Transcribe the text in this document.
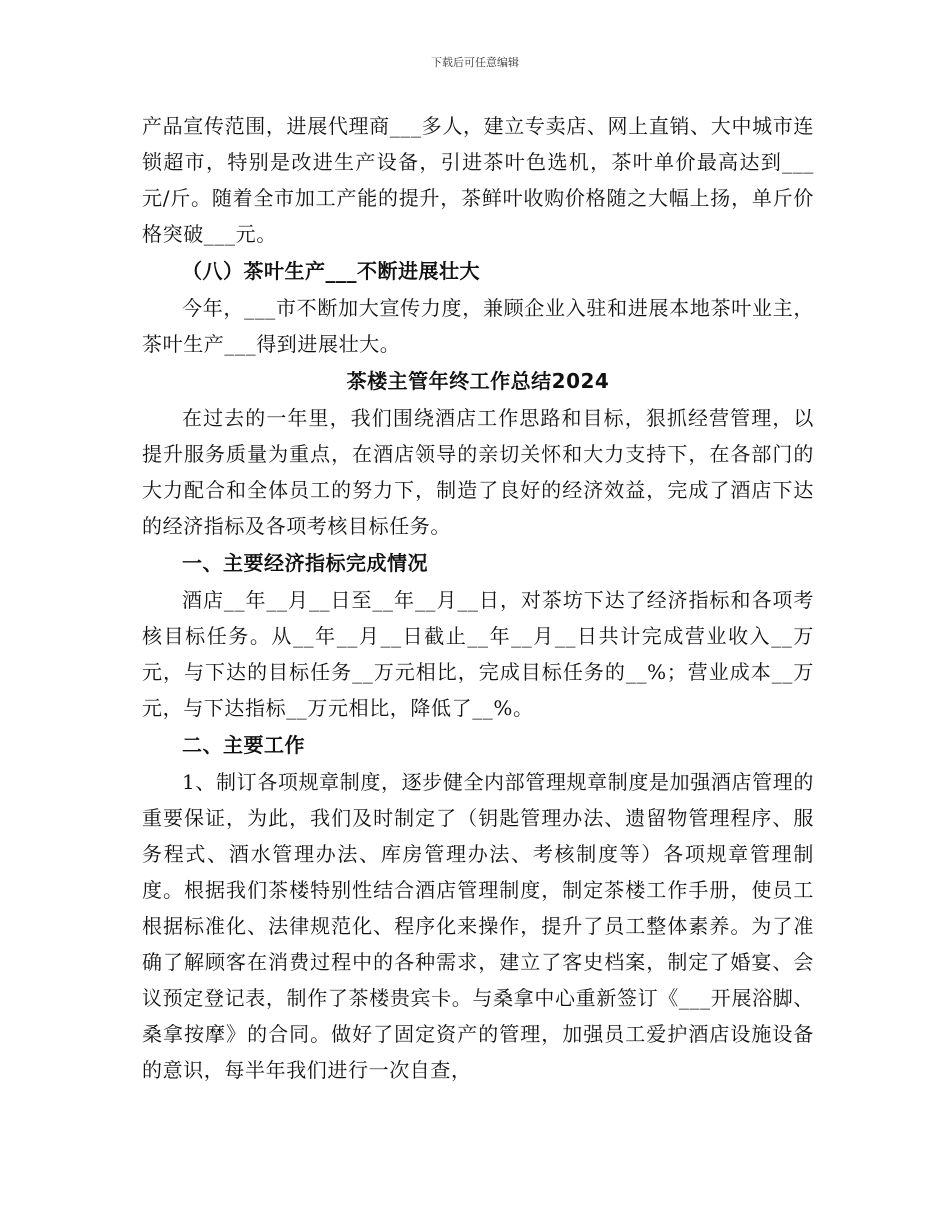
下载后可任意编辑

产品宣传范围，进展代理商___多人，建立专卖店、网上直销、大中城市连锁超市，特别是改进生产设备，引进茶叶色选机，茶叶单价最高达到___元/斤。随着全市加工产能的提升，茶鲜叶收购价格随之大幅上扬，单斤价格突破___元。

（八）茶叶生产___不断进展壮大

今年，___市不断加大宣传力度，兼顾企业入驻和进展本地茶叶业主，茶叶生产___得到进展壮大。

茶楼主管年终工作总结2024

在过去的一年里，我们围绕酒店工作思路和目标，狠抓经营管理，以提升服务质量为重点，在酒店领导的亲切关怀和大力支持下，在各部门的大力配合和全体员工的努力下，制造了良好的经济效益，完成了酒店下达的经济指标及各项考核目标任务。

一、主要经济指标完成情况

酒店__年__月__日至__年__月__日，对茶坊下达了经济指标和各项考核目标任务。从__年__月__日截止__年__月__日共计完成营业收入__万元，与下达的目标任务__万元相比，完成目标任务的__%；营业成本__万元，与下达指标__万元相比，降低了__%。

二、主要工作

1、制订各项规章制度，逐步健全内部管理规章制度是加强酒店管理的重要保证，为此，我们及时制定了（钥匙管理办法、遗留物管理程序、服务程式、酒水管理办法、库房管理办法、考核制度等）各项规章管理制度。根据我们茶楼特别性结合酒店管理制度，制定茶楼工作手册，使员工根据标准化、法律规范化、程序化来操作，提升了员工整体素养。为了准确了解顾客在消费过程中的各种需求，建立了客史档案，制定了婚宴、会议预定登记表，制作了茶楼贵宾卡。与桑拿中心重新签订《___开展浴脚、桑拿按摩》的合同。做好了固定资产的管理，加强员工爱护酒店设施设备的意识，每半年我们进行一次自查，
